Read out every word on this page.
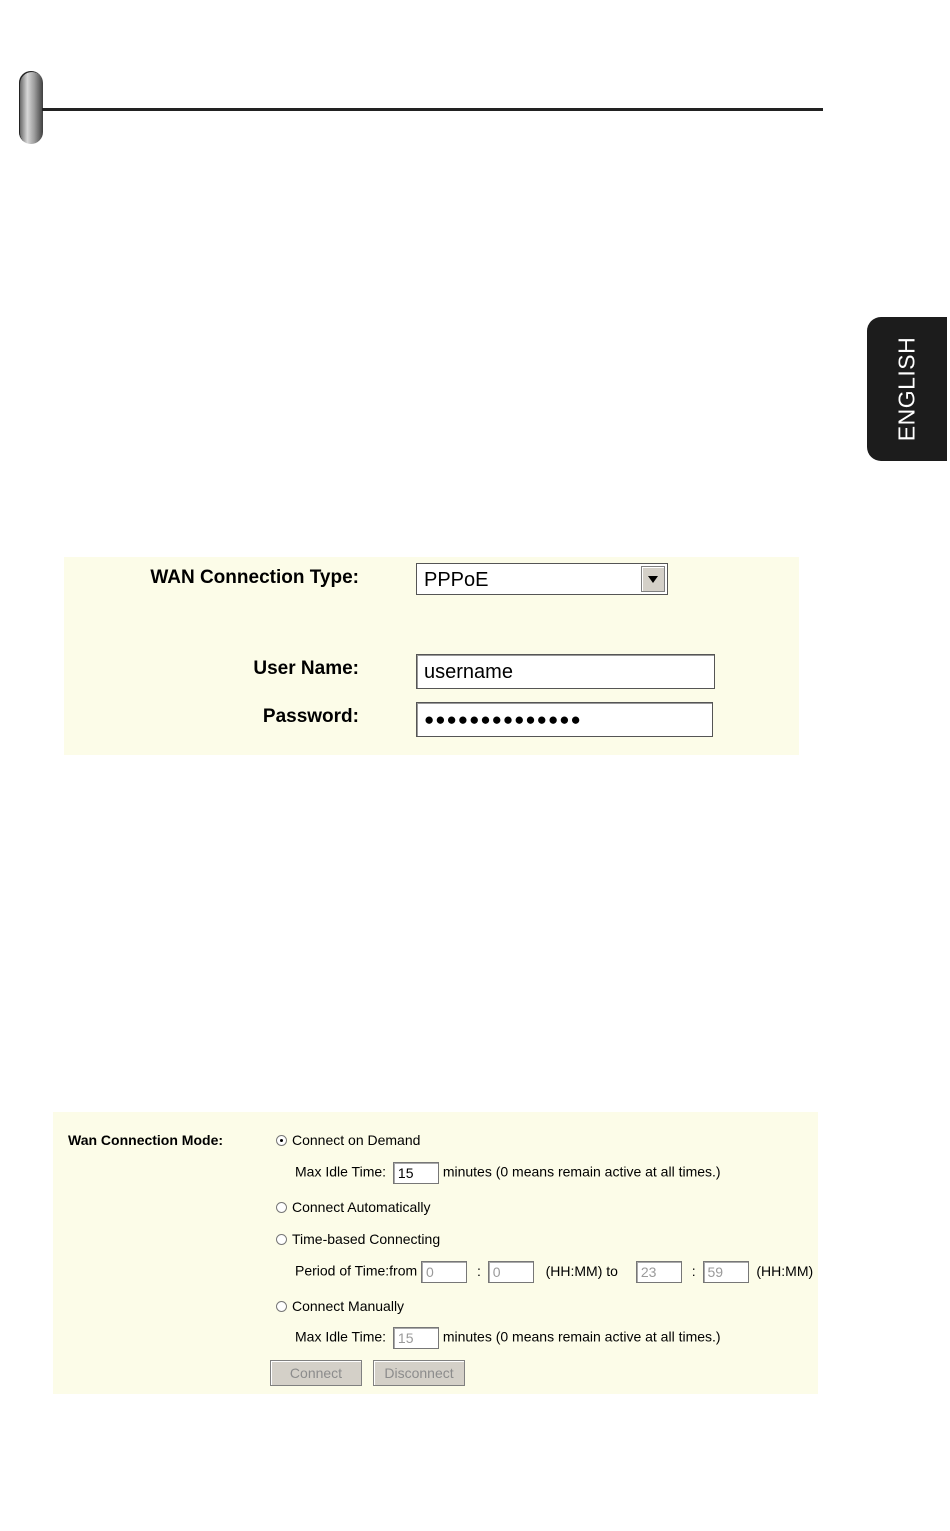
ENGLISH
WAN Connection Type:	PPPoE
User Name:	username
Password:	●●●●●●●●●●●●●●
Wan Connection Mode:	Connect on Demand
Max Idle Time: 15 minutes (0 means remain active at all times.)
Connect Automatically
Time-based Connecting
Period of Time:from 0	: 0	(HH:MM) to 23	: 59 (HH:MM)
Connect Manually
Max Idle Time: 15 minutes (0 means remain active at all times.)
Connect	Disconnect
